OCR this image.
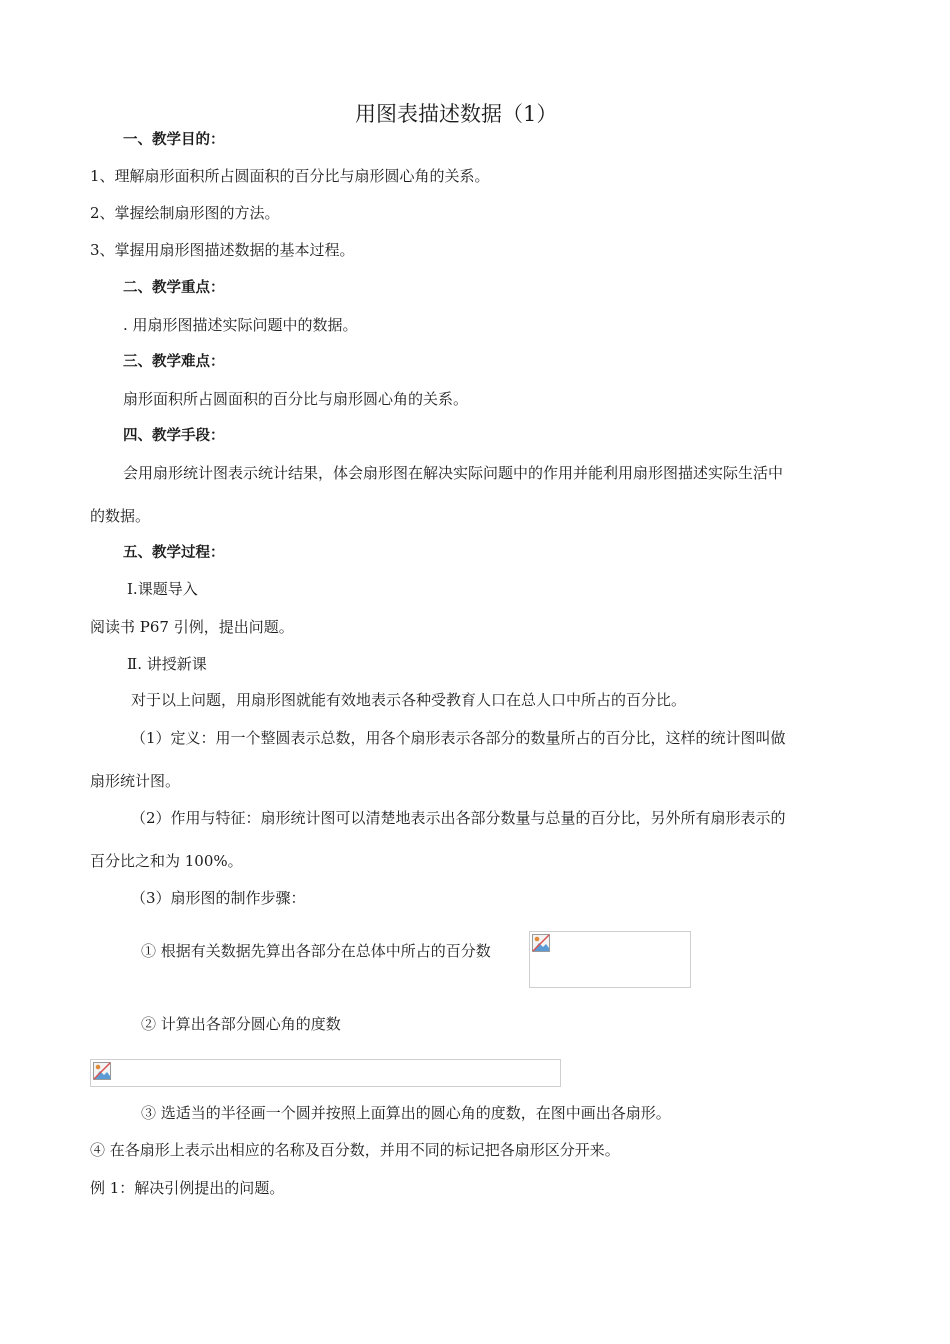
用图表描述数据（1）
一、教学目的：
1、理解扇形面积所占圆面积的百分比与扇形圆心角的关系。
2、掌握绘制扇形图的方法。
3、掌握用扇形图描述数据的基本过程。
二、教学重点：
. 用扇形图描述实际问题中的数据。
三、教学难点：
扇形面积所占圆面积的百分比与扇形圆心角的关系。
四、教学手段：
会用扇形统计图表示统计结果，体会扇形图在解决实际问题中的作用并能利用扇形图描述实际生活中
的数据。
五、教学过程：
Ⅰ.课题导入
阅读书 P67 引例，提出问题。
Ⅱ. 讲授新课
对于以上问题，用扇形图就能有效地表示各种受教育人口在总人口中所占的百分比。
（1）定义：用一个整圆表示总数，用各个扇形表示各部分的数量所占的百分比，这样的统计图叫做
扇形统计图。
（2）作用与特征：扇形统计图可以清楚地表示出各部分数量与总量的百分比，另外所有扇形表示的
百分比之和为 100%。
（3）扇形图的制作步骤：
① 根据有关数据先算出各部分在总体中所占的百分数
② 计算出各部分圆心角的度数
③ 选适当的半径画一个圆并按照上面算出的圆心角的度数，在图中画出各扇形。
④ 在各扇形上表示出相应的名称及百分数，并用不同的标记把各扇形区分开来。
例 1：解决引例提出的问题。
